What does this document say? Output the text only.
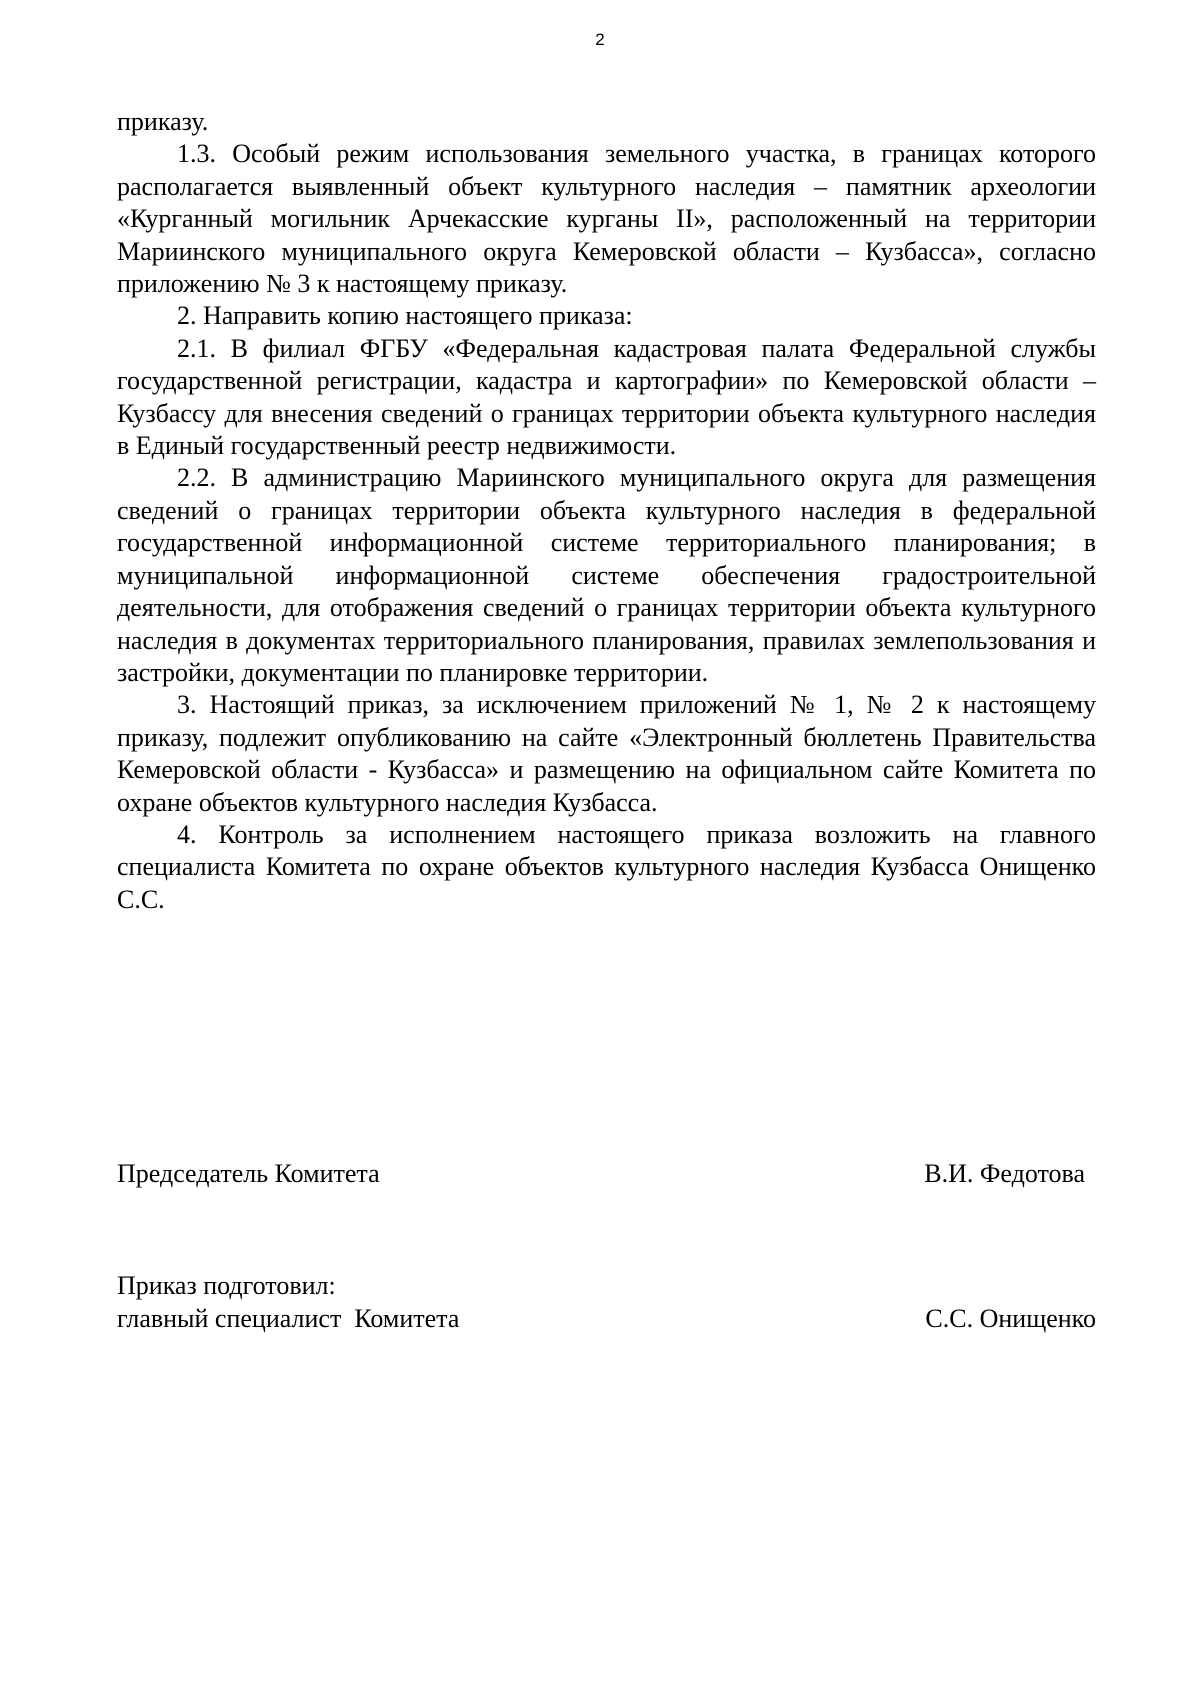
2

приказу.

1.3. Особый режим использования земельного участка, в границах которого располагается выявленный объект культурного наследия – памятник археологии «Курганный могильник Арчекасские курганы II», расположенный на территории Мариинского муниципального округа Кемеровской области – Кузбасса», согласно приложению № 3 к настоящему приказу.

2. Направить копию настоящего приказа:

2.1. В филиал ФГБУ «Федеральная кадастровая палата Федеральной службы государственной регистрации, кадастра и картографии» по Кемеровской области – Кузбассу для внесения сведений о границах территории объекта культурного наследия в Единый государственный реестр недвижимости.

2.2. В администрацию Мариинского муниципального округа для размещения сведений о границах территории объекта культурного наследия в федеральной государственной информационной системе территориального планирования; в муниципальной информационной системе обеспечения градостроительной деятельности, для отображения сведений о границах территории объекта культурного наследия в документах территориального планирования, правилах землепользования и застройки, документации по планировке территории.

3. Настоящий приказ, за исключением приложений № 1, № 2 к настоящему приказу, подлежит опубликованию на сайте «Электронный бюллетень Правительства Кемеровской области - Кузбасса» и размещению на официальном сайте Комитета по охране объектов культурного наследия Кузбасса.

4. Контроль за исполнением настоящего приказа возложить на главного специалиста Комитета по охране объектов культурного наследия Кузбасса Онищенко С.С.

Председатель Комитета	В.И. Федотова
Приказ подготовил:
главный специалист  Комитета	С.С. Онищенко
